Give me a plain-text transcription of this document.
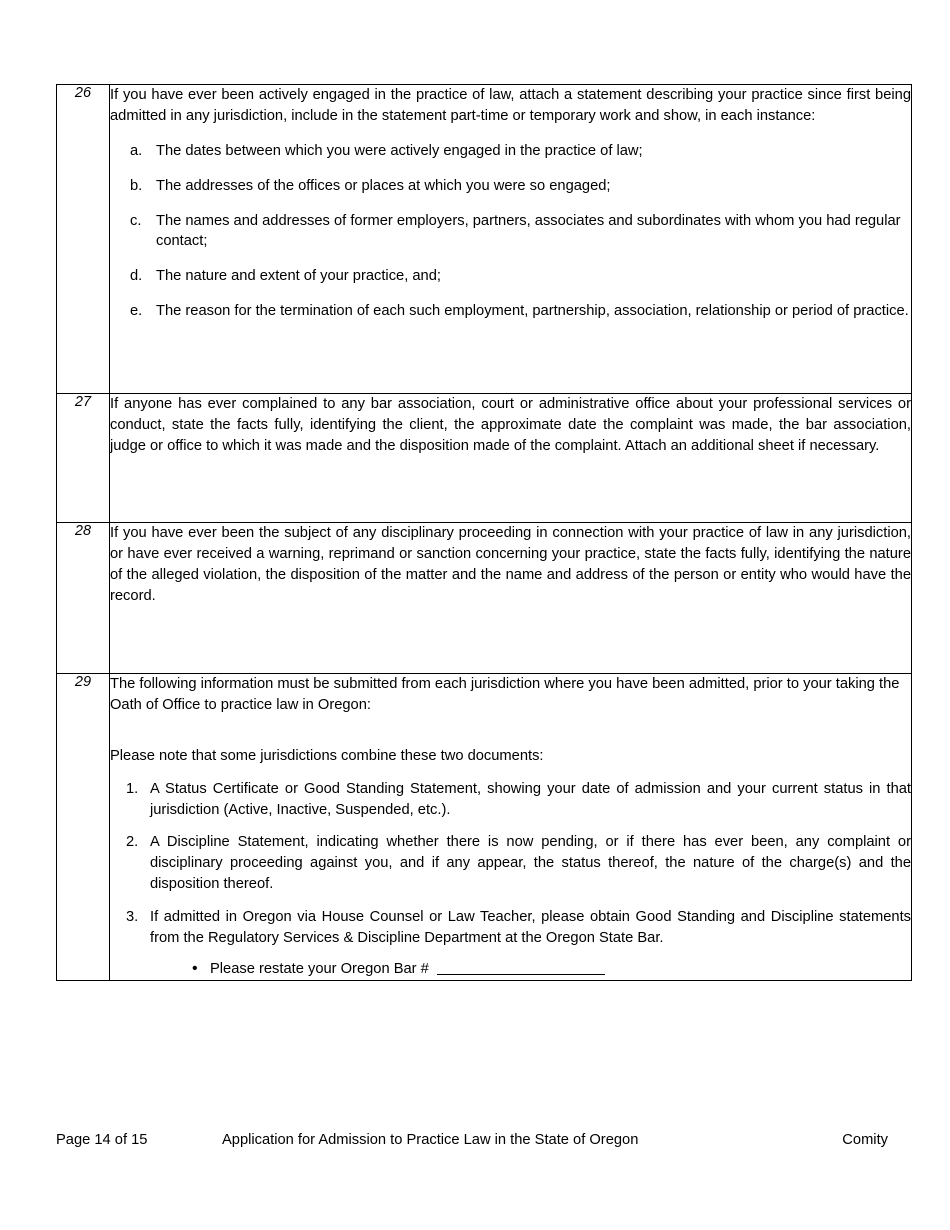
26	If you have ever been actively engaged in the practice of law, attach a statement describing your practice since first being admitted in any jurisdiction, include in the statement part-time or temporary work and show, in each instance:

a. The dates between which you were actively engaged in the practice of law;
b. The addresses of the offices or places at which you were so engaged;
c. The names and addresses of former employers, partners, associates and subordinates with whom you had regular contact;
d. The nature and extent of your practice, and;
e. The reason for the termination of each such employment, partnership, association, relationship or period of practice.

27	If anyone has ever complained to any bar association, court or administrative office about your professional services or conduct, state the facts fully, identifying the client, the approximate date the complaint was made, the bar association, judge or office to which it was made and the disposition made of the complaint. Attach an additional sheet if necessary.

28	If you have ever been the subject of any disciplinary proceeding in connection with your practice of law in any jurisdiction, or have ever received a warning, reprimand or sanction concerning your practice, state the facts fully, identifying the nature of the alleged violation, the disposition of the matter and the name and address of the person or entity who would have the record.

29	The following information must be submitted from each jurisdiction where you have been admitted, prior to your taking the Oath of Office to practice law in Oregon:

Please note that some jurisdictions combine these two documents:

1. A Status Certificate or Good Standing Statement, showing your date of admission and your current status in that jurisdiction (Active, Inactive, Suspended, etc.).
2. A Discipline Statement, indicating whether there is now pending, or if there has ever been, any complaint or disciplinary proceeding against you, and if any appear, the status thereof, the nature of the charge(s) and the disposition thereof.
3. If admitted in Oregon via House Counsel or Law Teacher, please obtain Good Standing and Discipline statements from the Regulatory Services & Discipline Department at the Oregon State Bar.
• Please restate your Oregon Bar #
Page 14 of 15	Application for Admission to Practice Law in the State of Oregon	Comity
